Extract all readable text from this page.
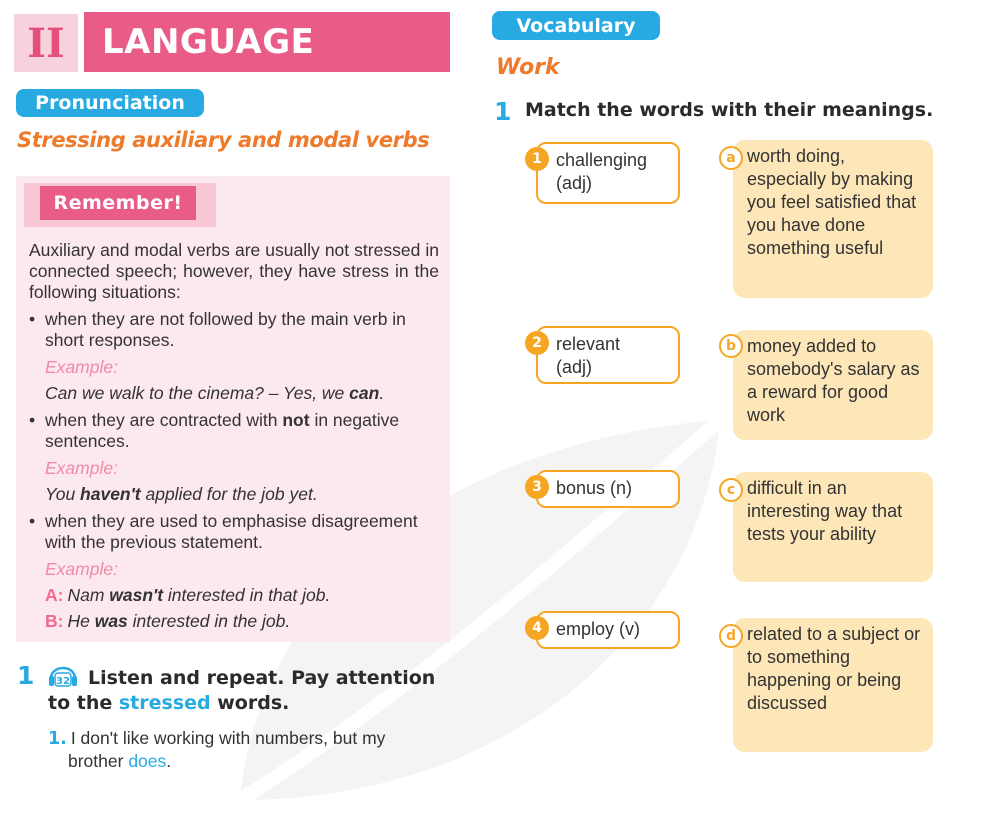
II	LANGUAGE
Pronunciation
Stressing auxiliary and modal verbs
Remember!
Auxiliary and modal verbs are usually not stressed in connected speech; however, they have stress in the following situations:
• when they are not followed by the main verb in short responses.
Example:
Can we walk to the cinema? – Yes, we can.
• when they are contracted with not in negative sentences.
Example:
You haven't applied for the job yet.
• when they are used to emphasise disagreement with the previous statement.
Example:
A: Nam wasn't interested in that job.
B: He was interested in the job.
1 32 Listen and repeat. Pay attention to the stressed words.
1. I don't like working with numbers, but my
brother does.
Vocabulary
Work
1 Match the words with their meanings.
challenging
(adj)
1
relevant
(adj)
2
bonus (n)
3
employ (v)
4
worth doing, especially by making you feel satisfied that you have done something useful
a
money added to somebody's salary as a reward for good work
b
difficult in an interesting way that tests your ability
c
related to a subject or to something happening or being discussed
d
